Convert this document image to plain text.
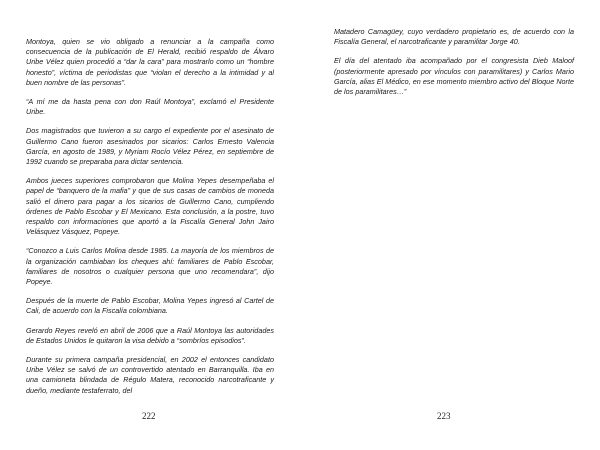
Montoya, quien se vio obligado a renunciar a la campaña como consecuencia de la publicación de El Herald, recibió respaldo de Álvaro Uribe Vélez quien procedió a “dar la cara” para mostrarlo como un “hombre honesto”, víctima de periodistas que “violan el derecho a la intimidad y al buen nombre de las personas”.

“A mí me da hasta pena con don Raúl Montoya”, exclamó el Presidente Uribe.

Dos magistrados que tuvieron a su cargo el expediente por el asesinato de Guillermo Cano fueron asesinados por sicarios: Carlos Ernesto Valencia García, en agosto de 1989, y Myriam Rocío Vélez Pérez, en septiembre de 1992 cuando se preparaba para dictar sentencia.

Ambos jueces superiores comprobaron que Molina Yepes desempeñaba el papel de “banquero de la mafia” y que de sus casas de cambios de moneda salió el dinero para pagar a los sicarios de Guillermo Cano, cumpliendo órdenes de Pablo Escobar y El Mexicano. Esta conclusión, a la postre, tuvo respaldo con informaciones que aportó a la Fiscalía General John Jairo Velásquez Vásquez, Popeye.

“Conozco a Luis Carlos Molina desde 1985. La mayoría de los miembros de la organización cambiaban los cheques ahí: familiares de Pablo Escobar, familiares de nosotros o cualquier persona que uno recomendara”, dijo Popeye.

Después de la muerte de Pablo Escobar, Molina Yepes ingresó al Cartel de Cali, de acuerdo con la Fiscalía colombiana.

Gerardo Reyes reveló en abril de 2006 que a Raúl Montoya las autoridades de Estados Unidos le quitaron la visa debido a “sombríos episodios”.

Durante su primera campaña presidencial, en 2002 el entonces candidato Uribe Vélez se salvó de un controvertido atentado en Barranquilla. Iba en una camioneta blindada de Régulo Matera, reconocido narcotraficante y dueño, mediante testaferrato, del

222

Matadero Camagüey, cuyo verdadero propietario es, de acuerdo con la Fiscalía General, el narcotraficante y paramilitar Jorge 40.

El día del atentado iba acompañado por el congresista Dieb Maloof (posteriormente apresado por vínculos con paramilitares) y Carlos Mario García, alias El Médico, en ese momento miembro activo del Bloque Norte de los paramilitares…”

223
